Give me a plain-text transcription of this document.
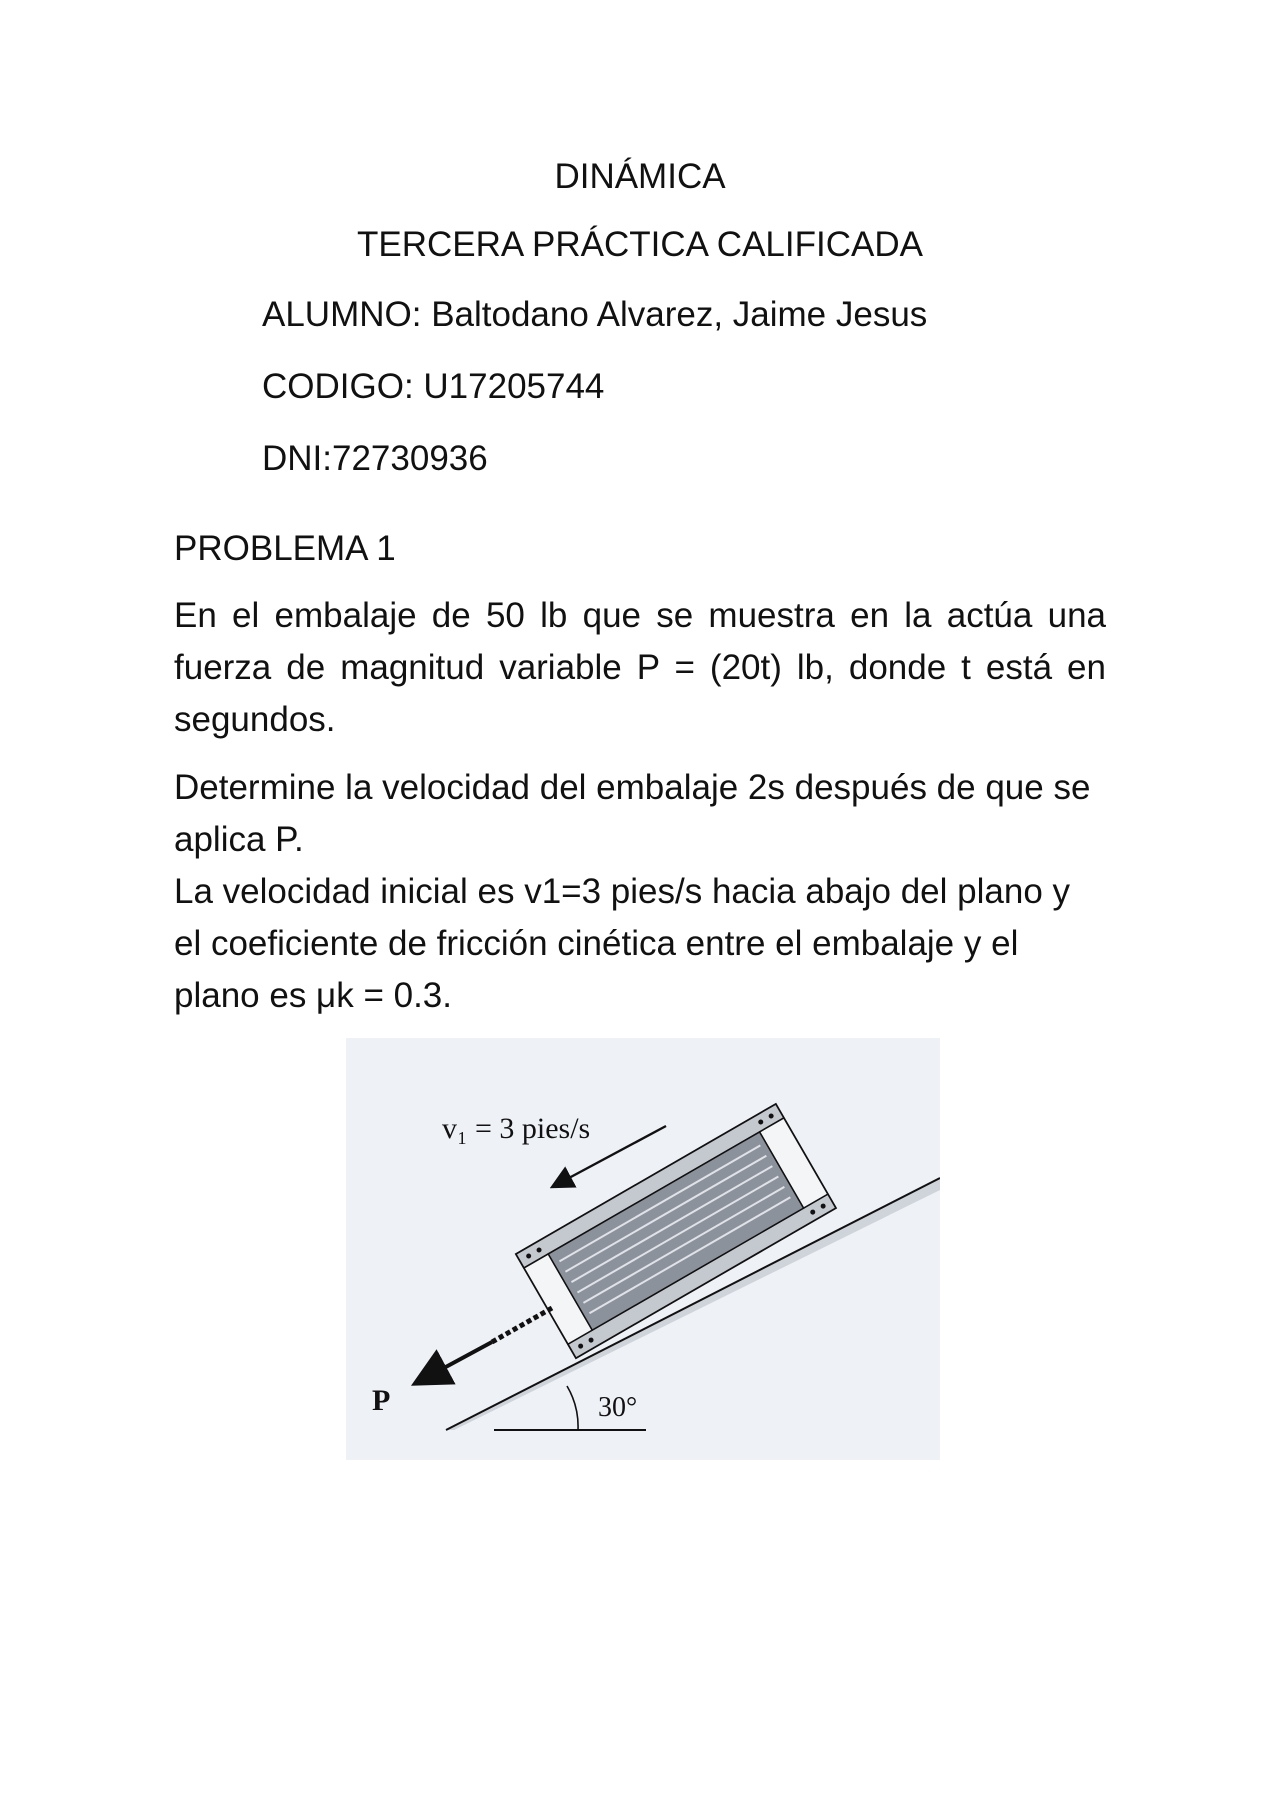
DINÁMICA
TERCERA PRÁCTICA CALIFICADA
ALUMNO: Baltodano Alvarez, Jaime Jesus
CODIGO: U17205744
DNI:72730936
PROBLEMA 1

En el embalaje de 50 lb que se muestra en la actúa una fuerza de magnitud variable P = (20t) lb, donde t está en segundos.

Determine la velocidad del embalaje 2s después de que se aplica P.

La velocidad inicial es v1=3 pies/s hacia abajo del plano y el coeficiente de fricción cinética entre el embalaje y el plano es μk = 0.3.

30°
P
v₁ = 3 pies/s
